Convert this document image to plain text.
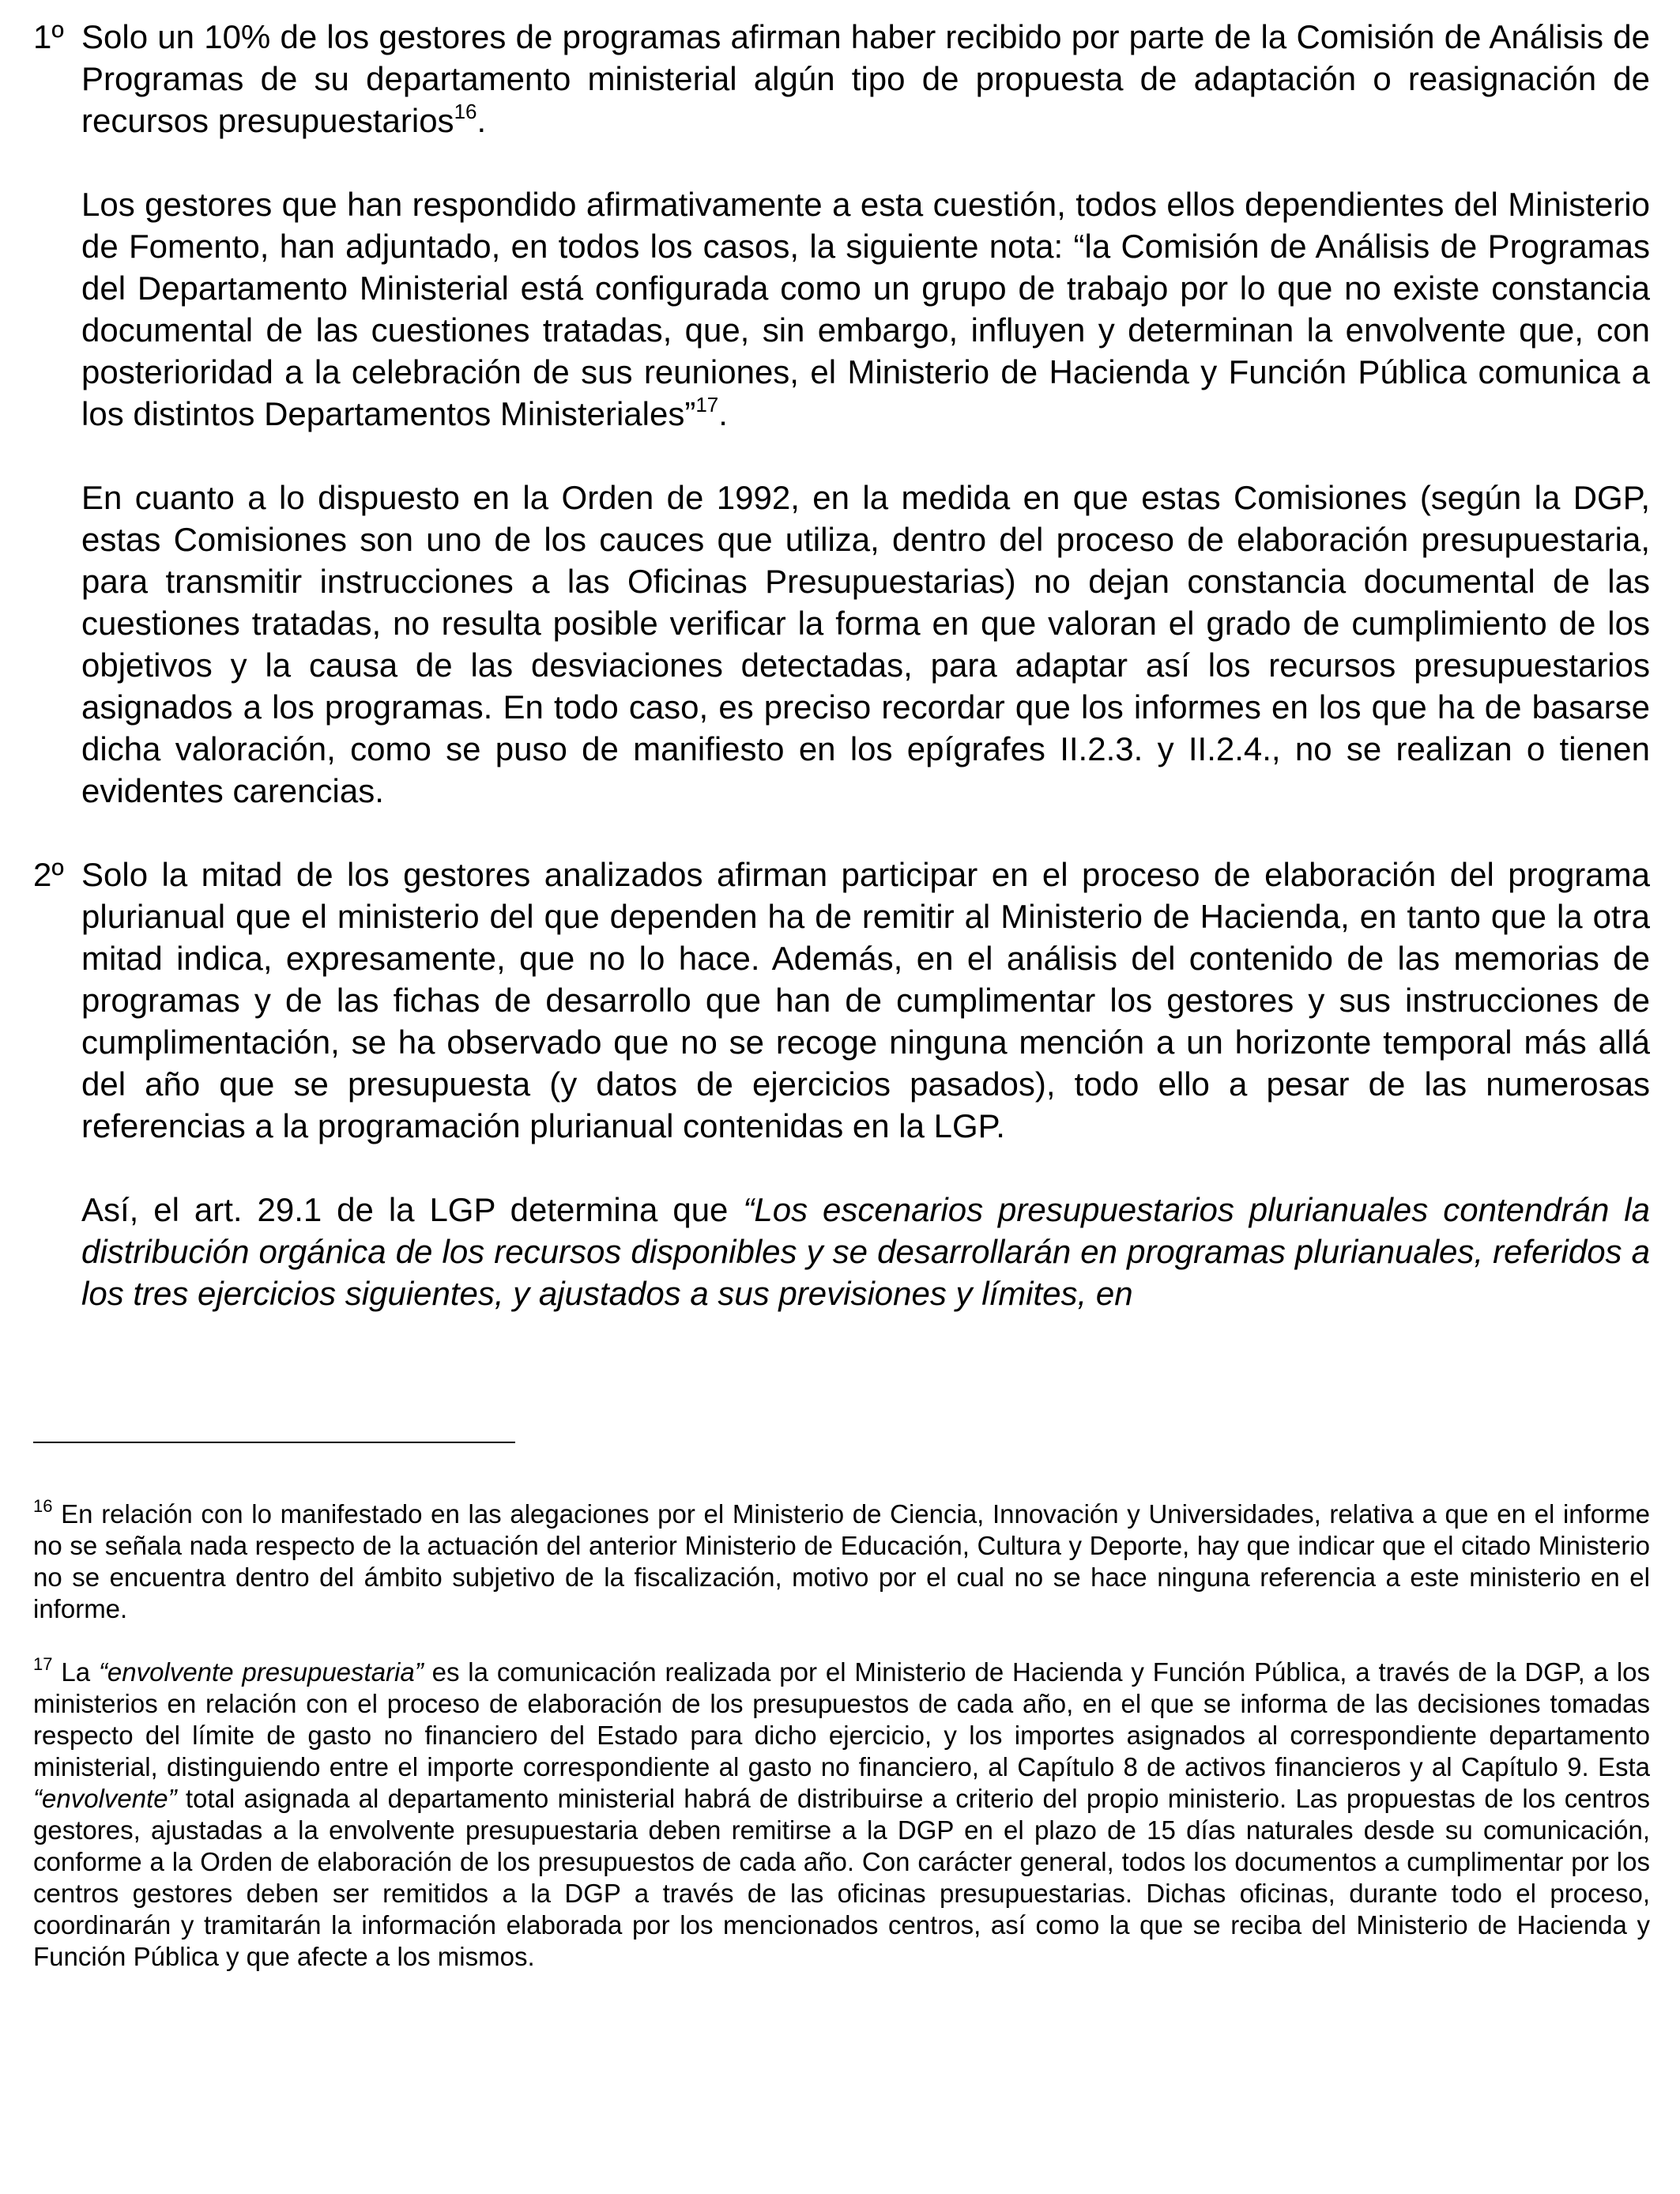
1º Solo un 10% de los gestores de programas afirman haber recibido por parte de la Comisión de Análisis de Programas de su departamento ministerial algún tipo de propuesta de adaptación o reasignación de recursos presupuestarios$^{16}$.
Los gestores que han respondido afirmativamente a esta cuestión, todos ellos dependientes del Ministerio de Fomento, han adjuntado, en todos los casos, la siguiente nota: “la Comisión de Análisis de Programas del Departamento Ministerial está configurada como un grupo de trabajo por lo que no existe constancia documental de las cuestiones tratadas, que, sin embargo, influyen y determinan la envolvente que, con posterioridad a la celebración de sus reuniones, el Ministerio de Hacienda y Función Pública comunica a los distintos Departamentos Ministeriales”$^{17}$.
En cuanto a lo dispuesto en la Orden de 1992, en la medida en que estas Comisiones (según la DGP, estas Comisiones son uno de los cauces que utiliza, dentro del proceso de elaboración presupuestaria, para transmitir instrucciones a las Oficinas Presupuestarias) no dejan constancia documental de las cuestiones tratadas, no resulta posible verificar la forma en que valoran el grado de cumplimiento de los objetivos y la causa de las desviaciones detectadas, para adaptar así los recursos presupuestarios asignados a los programas. En todo caso, es preciso recordar que los informes en los que ha de basarse dicha valoración, como se puso de manifiesto en los epígrafes II.2.3. y II.2.4., no se realizan o tienen evidentes carencias.
2º Solo la mitad de los gestores analizados afirman participar en el proceso de elaboración del programa plurianual que el ministerio del que dependen ha de remitir al Ministerio de Hacienda, en tanto que la otra mitad indica, expresamente, que no lo hace. Además, en el análisis del contenido de las memorias de programas y de las fichas de desarrollo que han de cumplimentar los gestores y sus instrucciones de cumplimentación, se ha observado que no se recoge ninguna mención a un horizonte temporal más allá del año que se presupuesta (y datos de ejercicios pasados), todo ello a pesar de las numerosas referencias a la programación plurianual contenidas en la LGP.
Así, el art. 29.1 de la LGP determina que “Los escenarios presupuestarios plurianuales contendrán la distribución orgánica de los recursos disponibles y se desarrollarán en programas plurianuales, referidos a los tres ejercicios siguientes, y ajustados a sus previsiones y límites, en
$^{16}$ En relación con lo manifestado en las alegaciones por el Ministerio de Ciencia, Innovación y Universidades, relativa a que en el informe no se señala nada respecto de la actuación del anterior Ministerio de Educación, Cultura y Deporte, hay que indicar que el citado Ministerio no se encuentra dentro del ámbito subjetivo de la fiscalización, motivo por el cual no se hace ninguna referencia a este ministerio en el informe.
$^{17}$ La “envolvente presupuestaria” es la comunicación realizada por el Ministerio de Hacienda y Función Pública, a través de la DGP, a los ministerios en relación con el proceso de elaboración de los presupuestos de cada año, en el que se informa de las decisiones tomadas respecto del límite de gasto no financiero del Estado para dicho ejercicio, y los importes asignados al correspondiente departamento ministerial, distinguiendo entre el importe correspondiente al gasto no financiero, al Capítulo 8 de activos financieros y al Capítulo 9. Esta “envolvente” total asignada al departamento ministerial habrá de distribuirse a criterio del propio ministerio. Las propuestas de los centros gestores, ajustadas a la envolvente presupuestaria deben remitirse a la DGP en el plazo de 15 días naturales desde su comunicación, conforme a la Orden de elaboración de los presupuestos de cada año. Con carácter general, todos los documentos a cumplimentar por los centros gestores deben ser remitidos a la DGP a través de las oficinas presupuestarias. Dichas oficinas, durante todo el proceso, coordinarán y tramitarán la información elaborada por los mencionados centros, así como la que se reciba del Ministerio de Hacienda y Función Pública y que afecte a los mismos.
